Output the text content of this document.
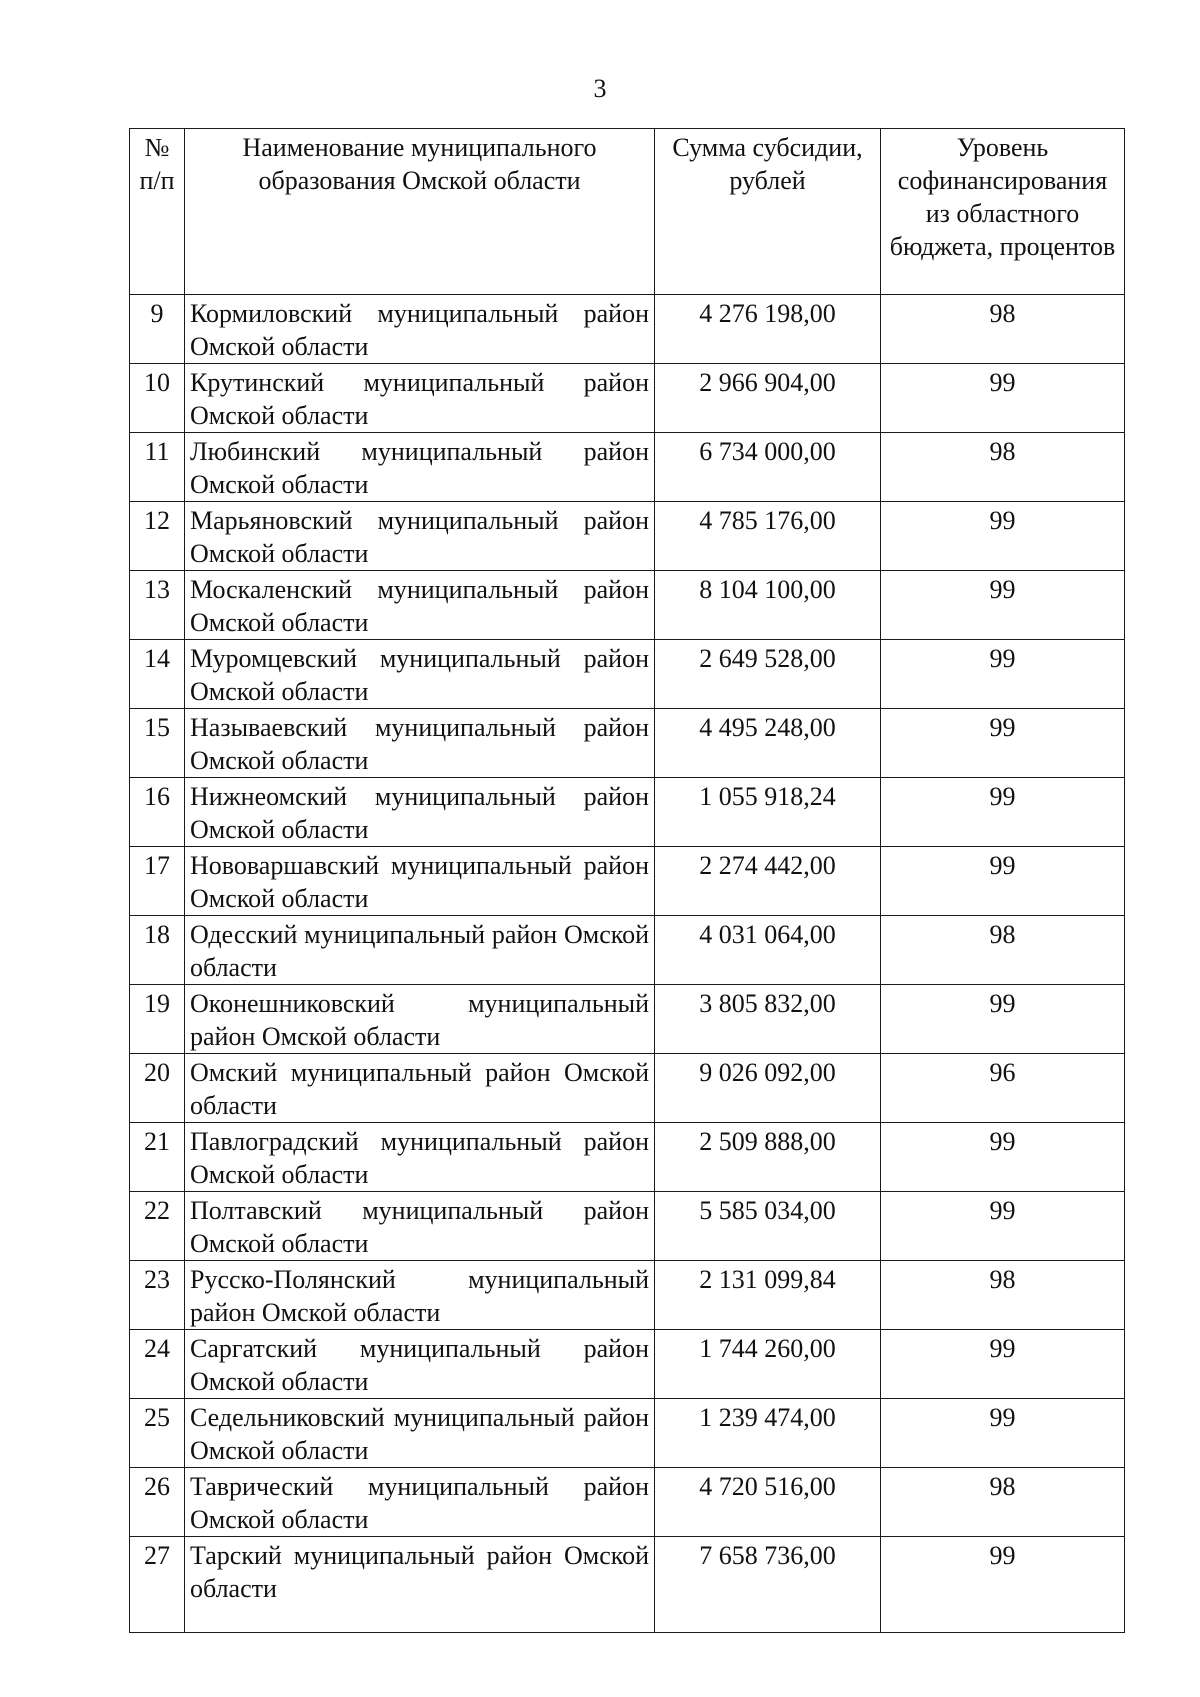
3
№ п/п	Наименование муниципального образования Омской области	Сумма субсидии, рублей	Уровень софинансирования из областного бюджета, процентов
9	Кормиловский муниципальный район Омской области	4 276 198,00	98
10	Крутинский муниципальный район Омской области	2 966 904,00	99
11	Любинский муниципальный район Омской области	6 734 000,00	98
12	Марьяновский муниципальный район Омской области	4 785 176,00	99
13	Москаленский муниципальный район Омской области	8 104 100,00	99
14	Муромцевский муниципальный район Омской области	2 649 528,00	99
15	Называевский муниципальный район Омской области	4 495 248,00	99
16	Нижнеомский муниципальный район Омской области	1 055 918,24	99
17	Нововаршавский муниципальный район Омской области	2 274 442,00	99
18	Одесский муниципальный район Омской области	4 031 064,00	98
19	Оконешниковский муниципальный район Омской области	3 805 832,00	99
20	Омский муниципальный район Омской области	9 026 092,00	96
21	Павлоградский муниципальный район Омской области	2 509 888,00	99
22	Полтавский муниципальный район Омской области	5 585 034,00	99
23	Русско-Полянский муниципальный район Омской области	2 131 099,84	98
24	Саргатский муниципальный район Омской области	1 744 260,00	99
25	Седельниковский муниципальный район Омской области	1 239 474,00	99
26	Таврический муниципальный район Омской области	4 720 516,00	98
27	Тарский муниципальный район Омской области	7 658 736,00	99
